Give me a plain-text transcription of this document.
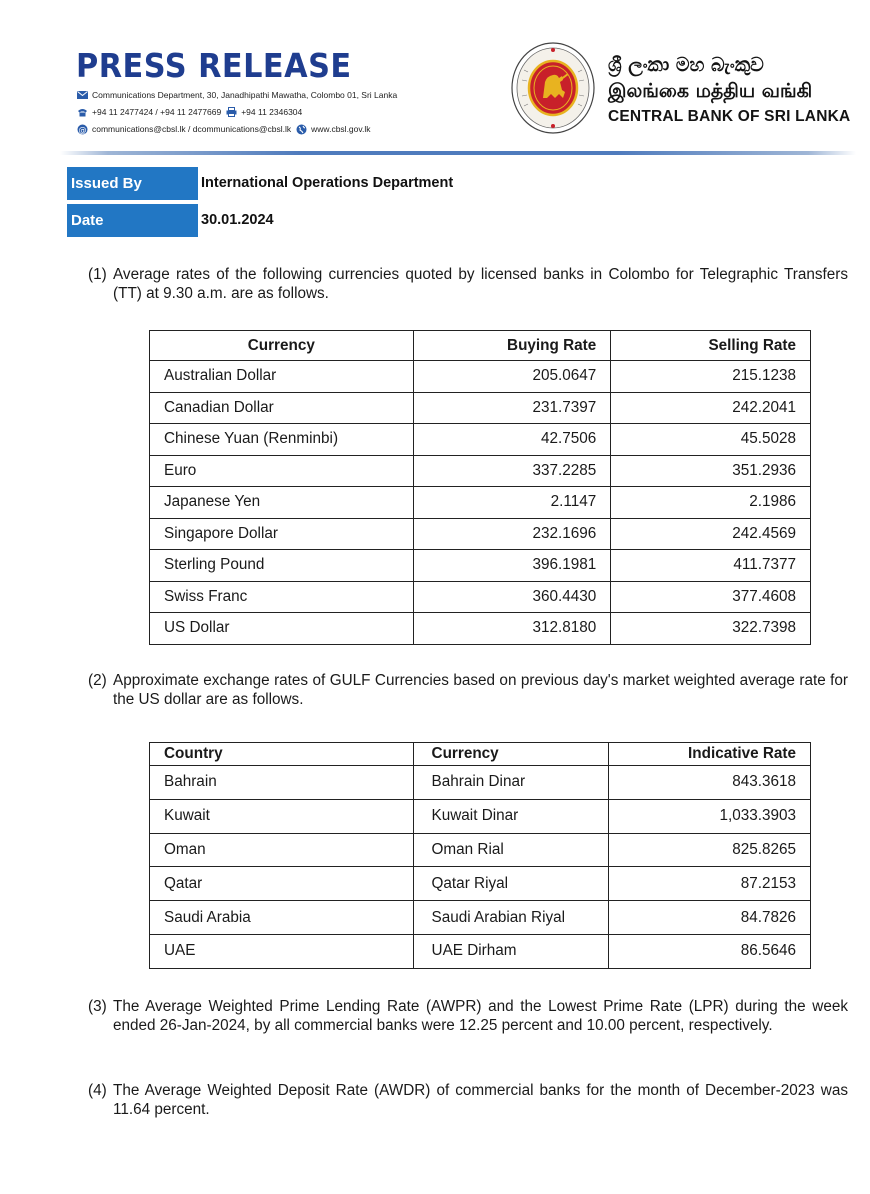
PRESS RELEASE
Communications Department, 30, Janadhipathi Mawatha, Colombo 01, Sri Lanka
+94 11 2477424 / +94 11 2477669 +94 11 2346304
@ communications@cbsl.lk / dcommunications@cbsl.lk www.cbsl.gov.lk
ශ්‍රී ලංකා මහ බැංකුව
இலங்கை மத்திய வங்கி
CENTRAL BANK OF SRI LANKA
Issued By	International Operations Department
Date	30.01.2024
(1) Average rates of the following currencies quoted by licensed banks in Colombo for Telegraphic Transfers (TT) at 9.30 a.m. are as follows.
Currency	Buying Rate	Selling Rate
Australian Dollar	205.0647	215.1238
Canadian Dollar	231.7397	242.2041
Chinese Yuan (Renminbi)	42.7506	45.5028
Euro	337.2285	351.2936
Japanese Yen	2.1147	2.1986
Singapore Dollar	232.1696	242.4569
Sterling Pound	396.1981	411.7377
Swiss Franc	360.4430	377.4608
US Dollar	312.8180	322.7398
(2) Approximate exchange rates of GULF Currencies based on previous day's market weighted average rate for the US dollar are as follows.
Country	Currency	Indicative Rate
Bahrain	Bahrain Dinar	843.3618
Kuwait	Kuwait Dinar	1,033.3903
Oman	Oman Rial	825.8265
Qatar	Qatar Riyal	87.2153
Saudi Arabia	Saudi Arabian Riyal	84.7826
UAE	UAE Dirham	86.5646
(3) The Average Weighted Prime Lending Rate (AWPR) and the Lowest Prime Rate (LPR) during the week ended 26-Jan-2024, by all commercial banks were 12.25 percent and 10.00 percent, respectively.
(4) The Average Weighted Deposit Rate (AWDR) of commercial banks for the month of December-2023 was 11.64 percent.
